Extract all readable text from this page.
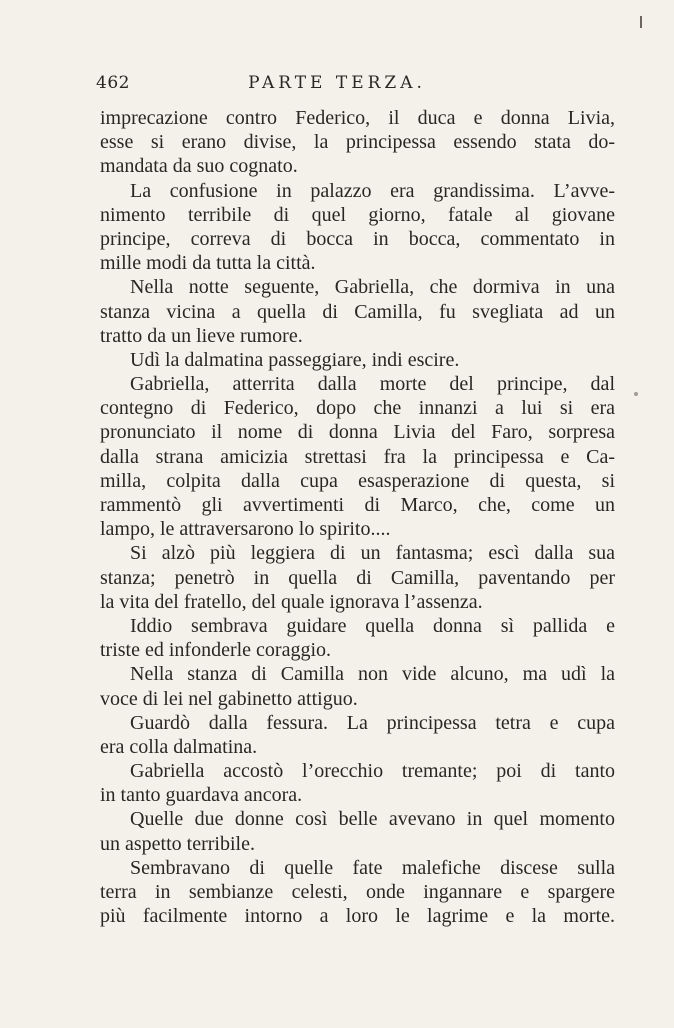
462	PARTE TERZA.
imprecazione contro Federico, il duca e donna Livia,
esse si erano divise, la principessa essendo stata do-
mandata da suo cognato.
La confusione in palazzo era grandissima. L’avve-
nimento terribile di quel giorno, fatale al giovane
principe, correva di bocca in bocca, commentato in
mille modi da tutta la città.
Nella notte seguente, Gabriella, che dormiva in una
stanza vicina a quella di Camilla, fu svegliata ad un
tratto da un lieve rumore.
Udì la dalmatina passeggiare, indi escire.
Gabriella, atterrita dalla morte del principe, dal
contegno di Federico, dopo che innanzi a lui si era
pronunciato il nome di donna Livia del Faro, sorpresa
dalla strana amicizia strettasi fra la principessa e Ca-
milla, colpita dalla cupa esasperazione di questa, si
rammentò gli avvertimenti di Marco, che, come un
lampo, le attraversarono lo spirito....
Si alzò più leggiera di un fantasma; escì dalla sua
stanza; penetrò in quella di Camilla, paventando per
la vita del fratello, del quale ignorava l’assenza.
Iddio sembrava guidare quella donna sì pallida e
triste ed infonderle coraggio.
Nella stanza di Camilla non vide alcuno, ma udì la
voce di lei nel gabinetto attiguo.
Guardò dalla fessura. La principessa tetra e cupa
era colla dalmatina.
Gabriella accostò l’orecchio tremante; poi di tanto
in tanto guardava ancora.
Quelle due donne così belle avevano in quel momento
un aspetto terribile.
Sembravano di quelle fate malefiche discese sulla
terra in sembianze celesti, onde ingannare e spargere
più facilmente intorno a loro le lagrime e la morte.
